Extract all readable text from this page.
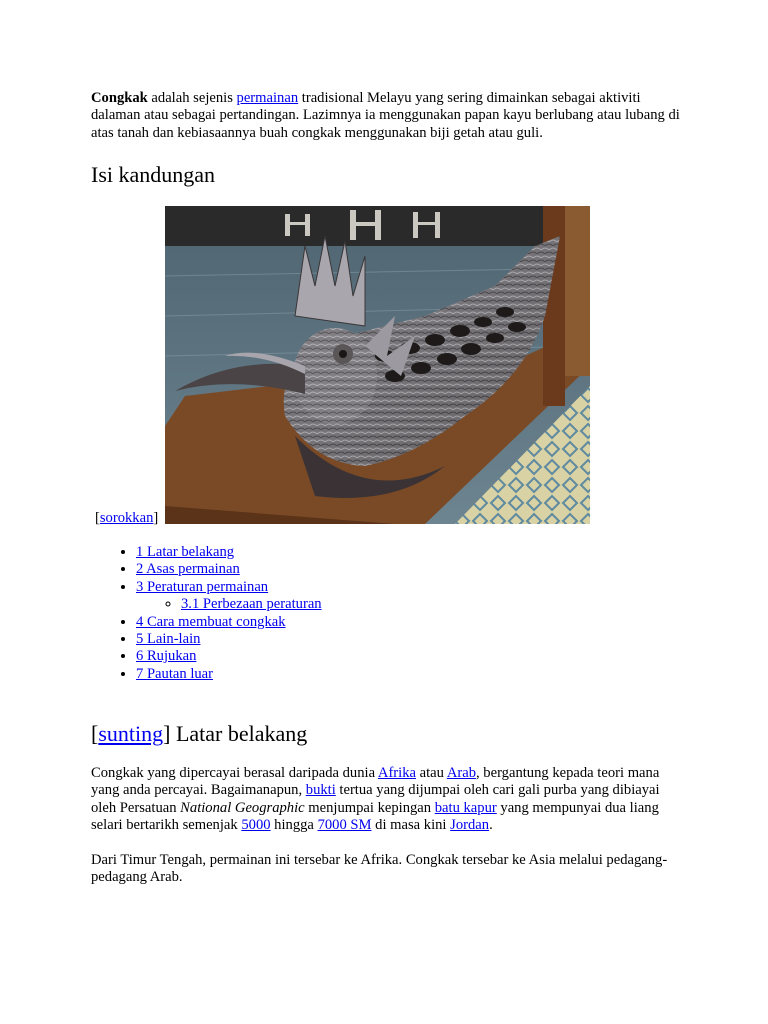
Congkak adalah sejenis permainan tradisional Melayu yang sering dimainkan sebagai aktiviti dalaman atau sebagai pertandingan. Lazimnya ia menggunakan papan kayu berlubang atau lubang di atas tanah dan kebiasaannya buah congkak menggunakan biji getah atau guli.

Isi kandungan
[sorokkan]
• 1 Latar belakang
• 2 Asas permainan
• 3 Peraturan permainan
◦ 3.1 Perbezaan peraturan
• 4 Cara membuat congkak
• 5 Lain-lain
• 6 Rujukan
• 7 Pautan luar
[sunting] Latar belakang

Congkak yang dipercayai berasal daripada dunia Afrika atau Arab, bergantung kepada teori mana yang anda percayai. Bagaimanapun, bukti tertua yang dijumpai oleh cari gali purba yang dibiayai oleh Persatuan National Geographic menjumpai kepingan batu kapur yang mempunyai dua liang selari bertarikh semenjak 5000 hingga 7000 SM di masa kini Jordan.

Dari Timur Tengah, permainan ini tersebar ke Afrika. Congkak tersebar ke Asia melalui pedagang-pedagang Arab.
